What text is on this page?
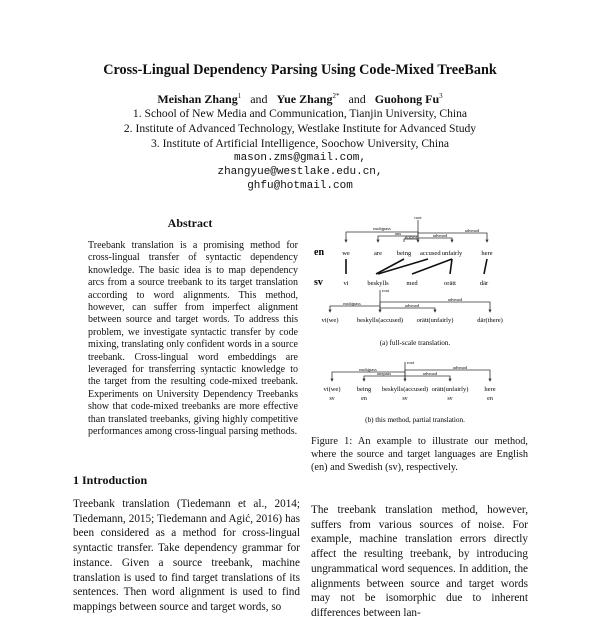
Cross-Lingual Dependency Parsing Using Code-Mixed TreeBank
Meishan Zhang$^1$ and Yue Zhang$^{2*}$ and Guohong Fu$^3$
1. School of New Media and Communication, Tianjin University, China
2. Institute of Advanced Technology, Westlake Institute for Advanced Study
3. Institute of Artificial Intelligence, Soochow University, China
mason.zms@gmail.com,
zhangyue@westlake.edu.cn,
ghfu@hotmail.com
Abstract
Treebank translation is a promising method for cross-lingual transfer of syntactic dependency knowledge. The basic idea is to map dependency arcs from a source treebank to its target translation according to word alignments. This method, however, can suffer from imperfect alignment between source and target words. To address this problem, we investigate syntactic transfer by code mixing, translating only confident words in a source treebank. Cross-lingual word embeddings are leveraged for transferring syntactic knowledge to the target from the resulting code-mixed treebank. Experiments on University Dependency Treebanks show that code-mixed treebanks are more effective than translated treebanks, giving highly competitive performances among cross-lingual parsing methods.
1 Introduction
Treebank translation (Tiedemann et al., 2014; Tiedemann, 2015; Tiedemann and Agić, 2016) has been considered as a method for cross-lingual syntactic transfer. Take dependency grammar for instance. Given a source treebank, machine translation is used to find target translations of its sentences. Then word alignment is used to find mappings between source and target words, so
The treebank translation method, however, suffers from various sources of noise. For example, machine translation errors directly affect the resulting treebank, by introducing ungrammatical word sequences. In addition, the alignments between source and target words may not be isomorphic due to inherent differences between lan-
Figure 1: An example to illustrate our method, where the source and target languages are English (en) and Swedish (sv), respectively.
en
sv
root
nsubjpass
aux
auxpass	advmod
advmod
we	are being accused unfairly	here
vi	beskylls	med	orätt	där
root
nsubjpass	advmod
advmod
vi(we)	beskylls(accused) orätt(unfairly)	där(there)
(a) full-scale translation.
root
nsubjpass
auxpass	advmod
advmod
vi(we)	being beskylls(accused) orätt(unfairly) here
sv	en	sv	sv	en
(b) this method, partial translation.
